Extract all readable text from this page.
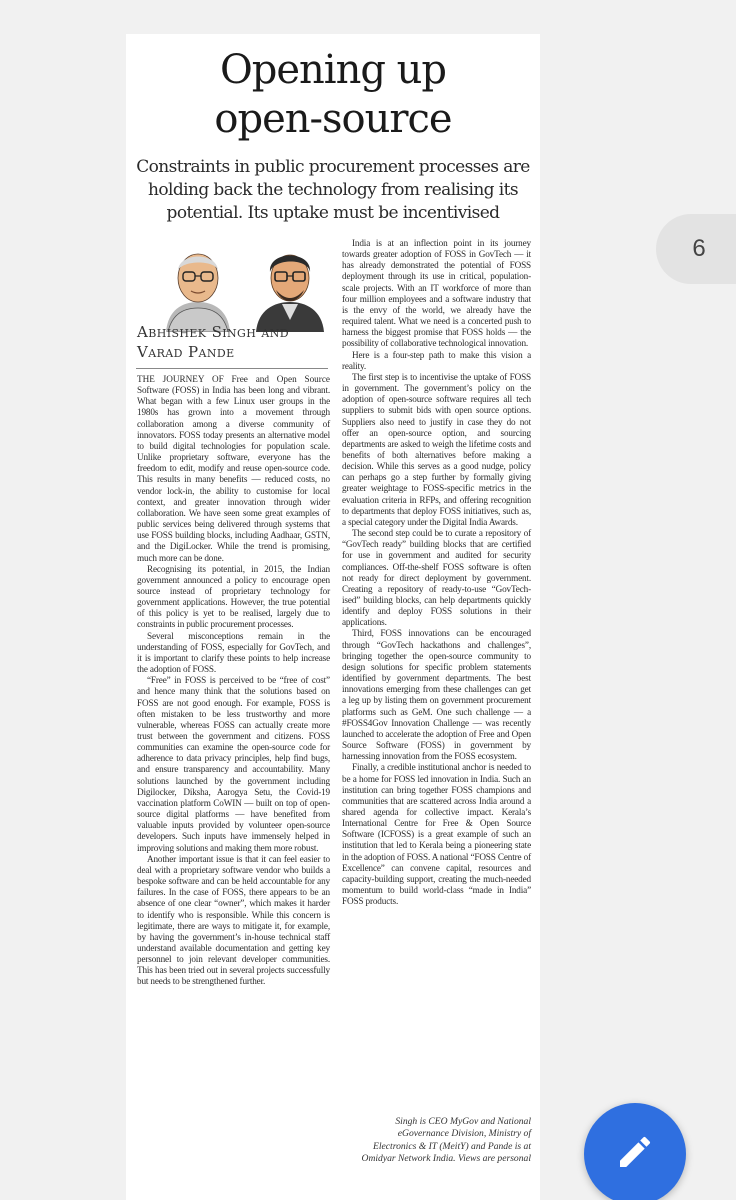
Opening up
open-source
Constraints in public procurement processes are holding back the technology from realising its potential. Its uptake must be incentivised
Abhishek Singh and
Varad Pande

THE JOURNEY OF Free and Open Source Software (FOSS) in India has been long and vibrant. What began with a few Linux user groups in the 1980s has grown into a movement through collaboration among a diverse community of innovators. FOSS today presents an alternative model to build digital technologies for population scale. Unlike proprietary software, everyone has the freedom to edit, modify and reuse open-source code. This results in many benefits — reduced costs, no vendor lock-in, the ability to customise for local context, and greater innovation through wider collaboration. We have seen some great examples of public services being delivered through systems that use FOSS building blocks, including Aadhaar, GSTN, and the DigiLocker. While the trend is promising, much more can be done.

Recognising its potential, in 2015, the Indian government announced a policy to encourage open source instead of proprietary technology for government applications. However, the true potential of this policy is yet to be realised, largely due to constraints in public procurement processes.

Several misconceptions remain in the understanding of FOSS, especially for GovTech, and it is important to clarify these points to help increase the adoption of FOSS.

“Free” in FOSS is perceived to be “free of cost” and hence many think that the solutions based on FOSS are not good enough. For example, FOSS is often mistaken to be less trustworthy and more vulnerable, whereas FOSS can actually create more trust between the government and citizens. FOSS communities can examine the open-source code for adherence to data privacy principles, help find bugs, and ensure transparency and accountability. Many solutions launched by the government including Digilocker, Diksha, Aarogya Setu, the Covid-19 vaccination platform CoWIN — built on top of open-source digital platforms — have benefited from valuable inputs provided by volunteer open-source developers. Such inputs have immensely helped in improving solutions and making them more robust.

Another important issue is that it can feel easier to deal with a proprietary software vendor who builds a bespoke software and can be held accountable for any failures. In the case of FOSS, there appears to be an absence of one clear “owner”, which makes it harder to identify who is responsible. While this concern is legitimate, there are ways to mitigate it, for example, by having the government’s in-house technical staff understand available documentation and getting key personnel to join relevant developer communities. This has been tried out in several projects successfully but needs to be strengthened further.

India is at an inflection point in its journey towards greater adoption of FOSS in GovTech — it has already demonstrated the potential of FOSS deployment through its use in critical, population-scale projects. With an IT workforce of more than four million employees and a software industry that is the envy of the world, we already have the required talent. What we need is a concerted push to harness the biggest promise that FOSS holds — the possibility of collaborative technological innovation.

Here is a four-step path to make this vision a reality.

The first step is to incentivise the uptake of FOSS in government. The government’s policy on the adoption of open-source software requires all tech suppliers to submit bids with open source options. Suppliers also need to justify in case they do not offer an open-source option, and sourcing departments are asked to weigh the lifetime costs and benefits of both alternatives before making a decision. While this serves as a good nudge, policy can perhaps go a step further by formally giving greater weightage to FOSS-specific metrics in the evaluation criteria in RFPs, and offering recognition to departments that deploy FOSS initiatives, such as, a special category under the Digital India Awards.

The second step could be to curate a repository of “GovTech ready” building blocks that are certified for use in government and audited for security compliances. Off-the-shelf FOSS software is often not ready for direct deployment by government. Creating a repository of ready-to-use “GovTech-ised” building blocks, can help departments quickly identify and deploy FOSS solutions in their applications.

Third, FOSS innovations can be encouraged through “GovTech hackathons and challenges”, bringing together the open-source community to design solutions for specific problem statements identified by government departments. The best innovations emerging from these challenges can get a leg up by listing them on government procurement platforms such as GeM. One such challenge — a #FOSS4Gov Innovation Challenge — was recently launched to accelerate the adoption of Free and Open Source Software (FOSS) in government by harnessing innovation from the FOSS ecosystem.

Finally, a credible institutional anchor is needed to be a home for FOSS led innovation in India. Such an institution can bring together FOSS champions and communities that are scattered across India around a shared agenda for collective impact. Kerala’s International Centre for Free & Open Source Software (ICFOSS) is a great example of such an institution that led to Kerala being a pioneering state in the adoption of FOSS. A national “FOSS Centre of Excellence” can convene capital, resources and capacity-building support, creating the much-needed momentum to build world-class “made in India” FOSS products.

Singh is CEO MyGov and National eGovernance Division, Ministry of Electronics & IT (MeitY) and Pande is at Omidyar Network India. Views are personal
6
